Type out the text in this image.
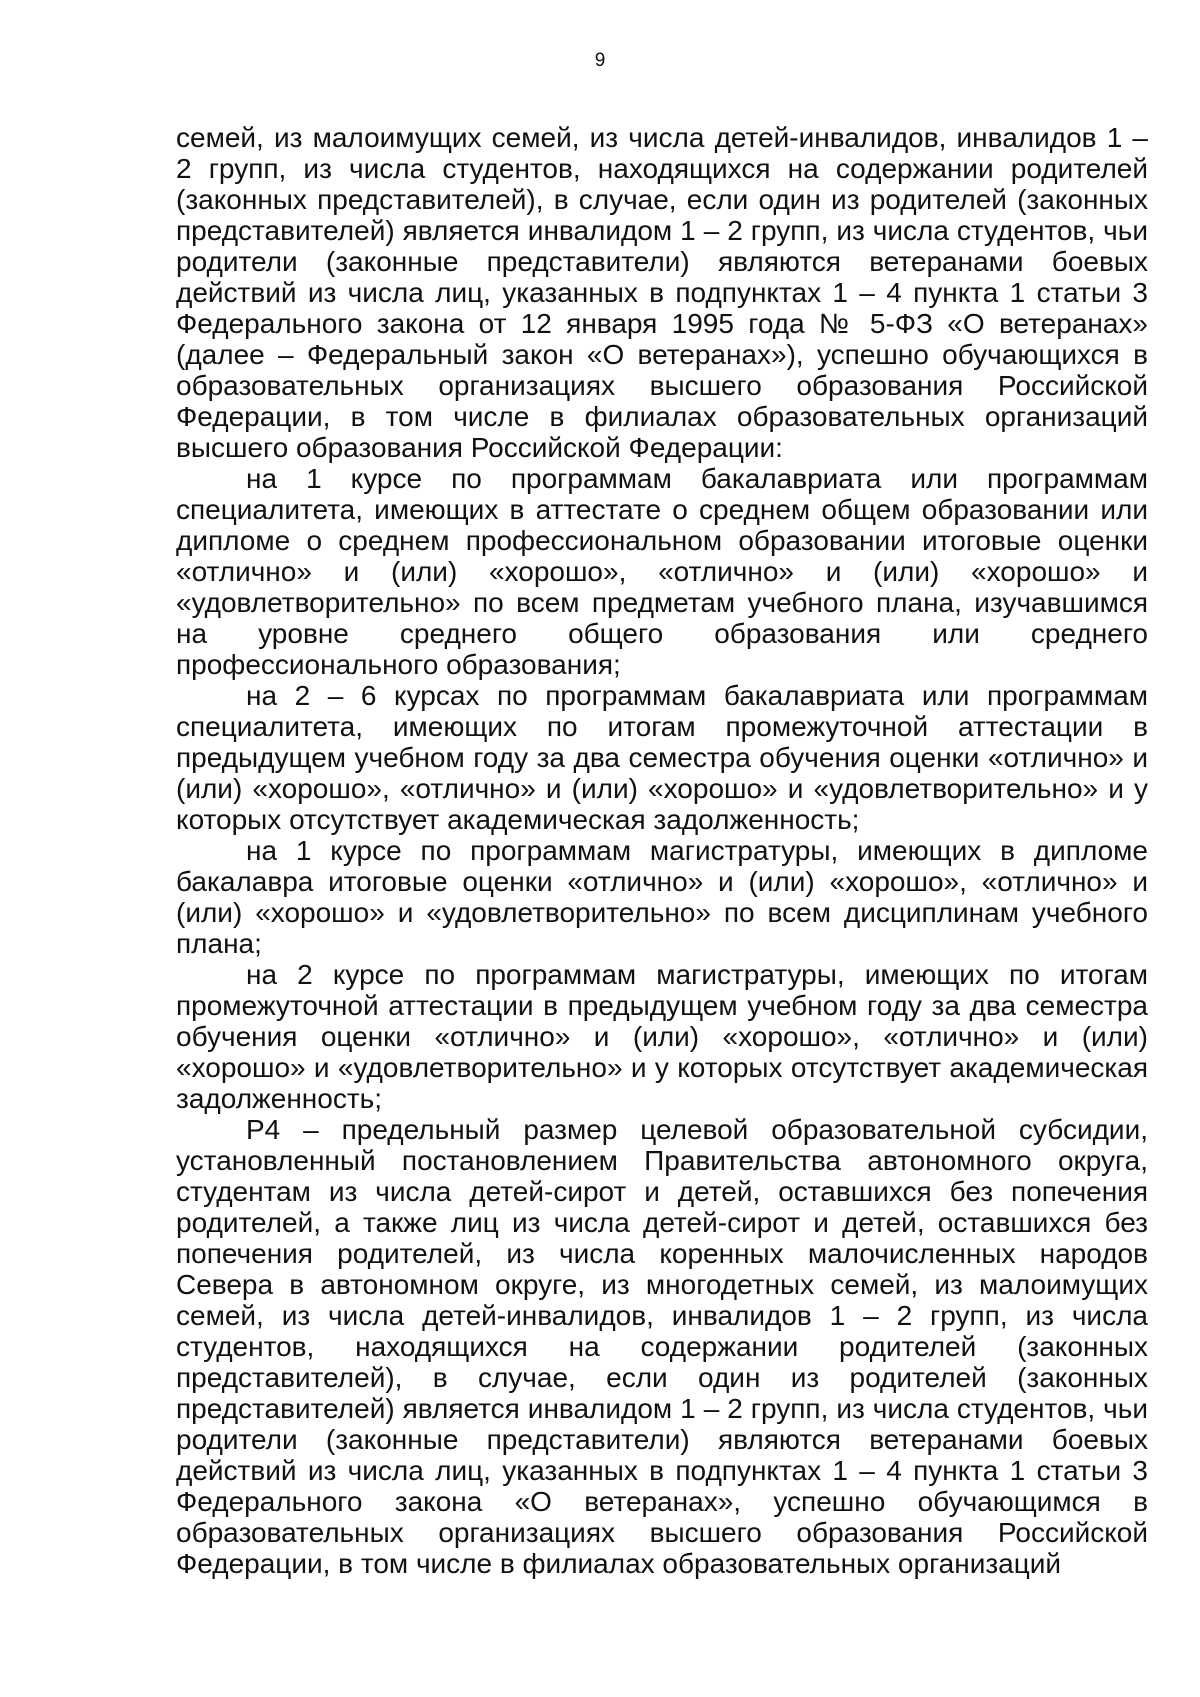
9

семей, из малоимущих семей, из числа детей-инвалидов, инвалидов 1 – 2 групп, из числа студентов, находящихся на содержании родителей (законных представителей), в случае, если один из родителей (законных представителей) является инвалидом 1 – 2 групп, из числа студентов, чьи родители (законные представители) являются ветеранами боевых действий из числа лиц, указанных в подпунктах 1 – 4 пункта 1 статьи 3 Федерального закона от 12 января 1995 года № 5-ФЗ «О ветеранах» (далее – Федеральный закон «О ветеранах»), успешно обучающихся в образовательных организациях высшего образования Российской Федерации, в том числе в филиалах образовательных организаций высшего образования Российской Федерации:

на 1 курсе по программам бакалавриата или программам специалитета, имеющих в аттестате о среднем общем образовании или дипломе о среднем профессиональном образовании итоговые оценки «отлично» и (или) «хорошо», «отлично» и (или) «хорошо» и «удовлетворительно» по всем предметам учебного плана, изучавшимся на уровне среднего общего образования или среднего профессионального образования;

на 2 – 6 курсах по программам бакалавриата или программам специалитета, имеющих по итогам промежуточной аттестации в предыдущем учебном году за два семестра обучения оценки «отлично» и (или) «хорошо», «отлично» и (или) «хорошо» и «удовлетворительно» и у которых отсутствует академическая задолженность;

на 1 курсе по программам магистратуры, имеющих в дипломе бакалавра итоговые оценки «отлично» и (или) «хорошо», «отлично» и (или) «хорошо» и «удовлетворительно» по всем дисциплинам учебного плана;

на 2 курсе по программам магистратуры, имеющих по итогам промежуточной аттестации в предыдущем учебном году за два семестра обучения оценки «отлично» и (или) «хорошо», «отлично» и (или) «хорошо» и «удовлетворительно» и у которых отсутствует академическая задолженность;

Р4 – предельный размер целевой образовательной субсидии, установленный постановлением Правительства автономного округа, студентам из числа детей-сирот и детей, оставшихся без попечения родителей, а также лиц из числа детей-сирот и детей, оставшихся без попечения родителей, из числа коренных малочисленных народов Севера в автономном округе, из многодетных семей, из малоимущих семей, из числа детей-инвалидов, инвалидов 1 – 2 групп, из числа студентов, находящихся на содержании родителей (законных представителей), в случае, если один из родителей (законных представителей) является инвалидом 1 – 2 групп, из числа студентов, чьи родители (законные представители) являются ветеранами боевых действий из числа лиц, указанных в подпунктах 1 – 4 пункта 1 статьи 3 Федерального закона «О ветеранах», успешно обучающимся в образовательных организациях высшего образования Российской Федерации, в том числе в филиалах образовательных организаций
